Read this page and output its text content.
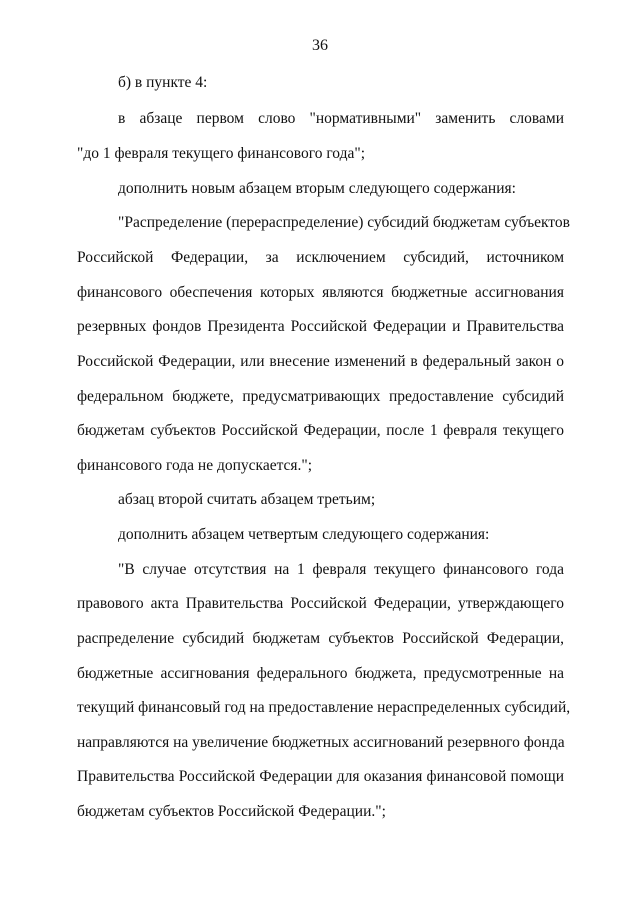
36
б) в пункте 4:
в абзаце первом слово "нормативными" заменить словами
"до 1 февраля текущего финансового года";
дополнить новым абзацем вторым следующего содержания:
"Распределение (перераспределение) субсидий бюджетам субъектов
Российской Федерации, за исключением субсидий, источником
финансового обеспечения которых являются бюджетные ассигнования
резервных фондов Президента Российской Федерации и Правительства
Российской Федерации, или внесение изменений в федеральный закон о
федеральном бюджете, предусматривающих предоставление субсидий
бюджетам субъектов Российской Федерации, после 1 февраля текущего
финансового года не допускается.";
абзац второй считать абзацем третьим;
дополнить абзацем четвертым следующего содержания:
"В случае отсутствия на 1 февраля текущего финансового года
правового акта Правительства Российской Федерации, утверждающего
распределение субсидий бюджетам субъектов Российской Федерации,
бюджетные ассигнования федерального бюджета, предусмотренные на
текущий финансовый год на предоставление нераспределенных субсидий,
направляются на увеличение бюджетных ассигнований резервного фонда
Правительства Российской Федерации для оказания финансовой помощи
бюджетам субъектов Российской Федерации.";
